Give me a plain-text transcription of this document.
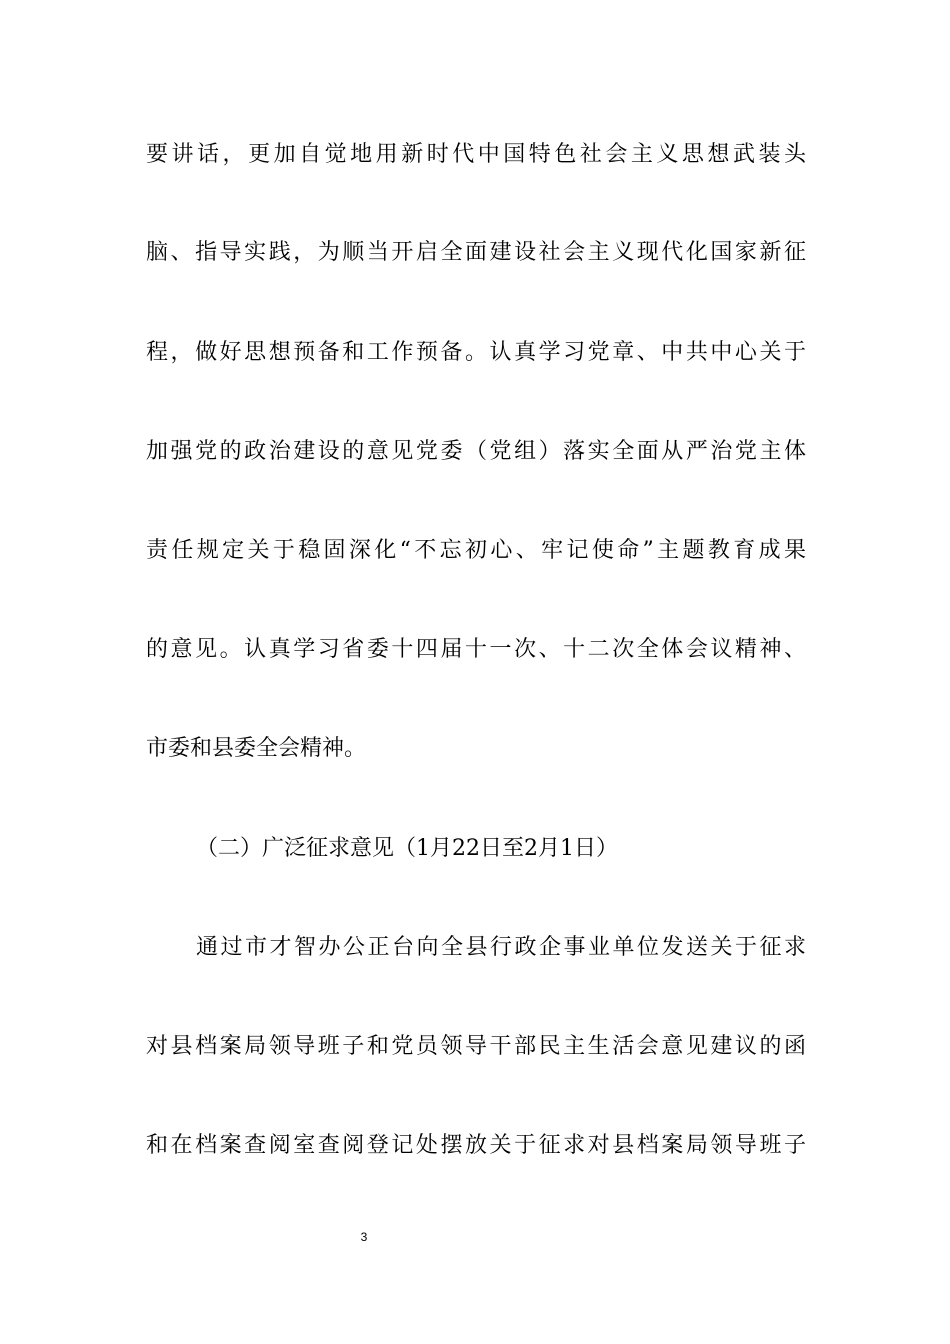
要讲话，更加自觉地用新时代中国特色社会主义思想武装头
脑、指导实践，为顺当开启全面建设社会主义现代化国家新征
程，做好思想预备和工作预备。认真学习党章、中共中心关于
加强党的政治建设的意见党委（党组）落实全面从严治党主体
责任规定关于稳固深化“不忘初心、牢记使命”主题教育成果
的意见。认真学习省委十四届十一次、十二次全体会议精神、
市委和县委全会精神。
（二）广泛征求意见（1月22日至2月1日）
通过市才智办公正台向全县行政企事业单位发送关于征求
对县档案局领导班子和党员领导干部民主生活会意见建议的函
和在档案查阅室查阅登记处摆放关于征求对县档案局领导班子
3
